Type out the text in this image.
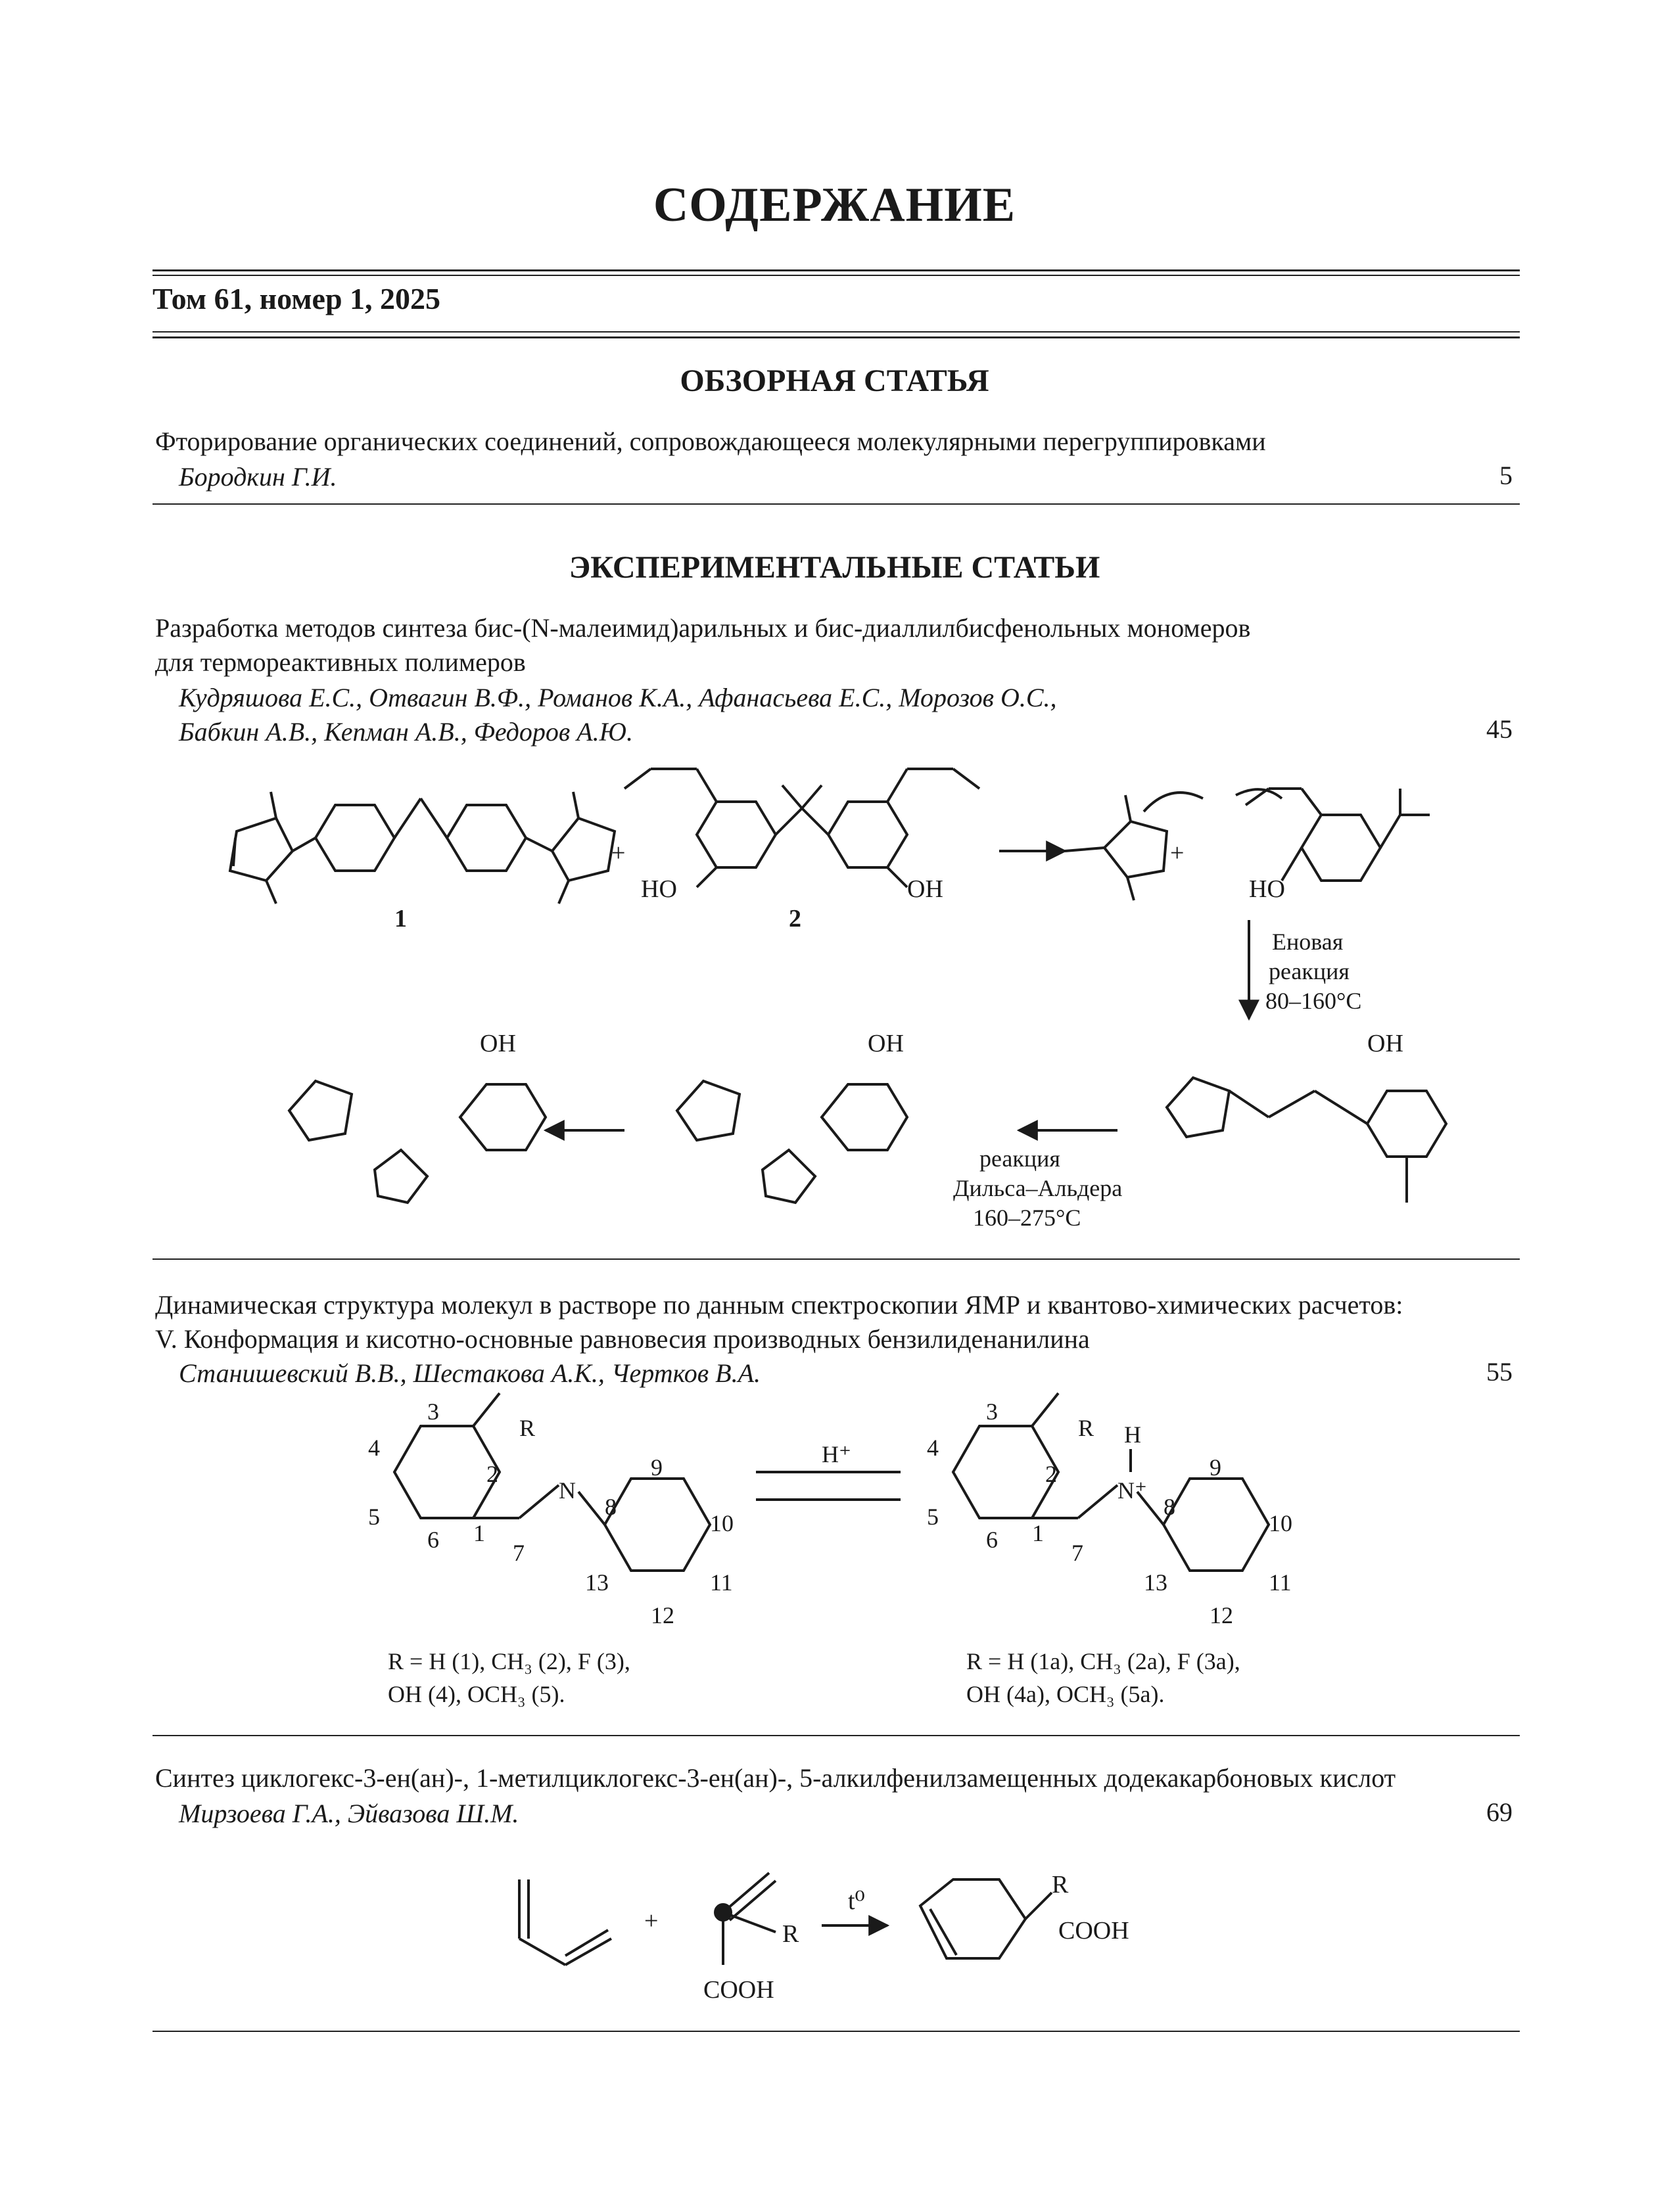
СОДЕРЖАНИЕ
Том 61, номер 1, 2025
ОБЗОРНАЯ СТАТЬЯ
Фторирование органических соединений, сопровождающееся молекулярными перегруппировками
Бородкин Г.И.	5
ЭКСПЕРИМЕНТАЛЬНЫЕ СТАТЬИ
Разработка методов синтеза бис-(N-малеимид)арильных и бис-диаллилбисфенольных мономеров
для термореактивных полимеров
Кудряшова Е.С., Отвагин В.Ф., Романов К.А., Афанасьева Е.С., Морозов О.С.,
Бабкин А.В., Кепман А.В., Федоров А.Ю.	45
1	2
+	+
HO	OH	HO
Еновая
реакция
80–160°C
реакция
Дильса–Альдера
160–275°C
OH
OH
OH
Динамическая структура молекул в растворе по данным спектроскопии ЯМР и квантово-химических расчетов:
V. Конформация и кисотно-основные равновесия производных бензилиденанилина
Станишевский В.В., Шестакова А.К., Чертков В.А.	55
3
R
2
4
5
6 1
7
N
8
9
10
11
12
13
H⁺
3
R
2
4
5
6 1
7
N⁺
H
8
9
10
11
12
13
R = H (1), CH₃ (2), F (3),
OH (4), OCH₃ (5).
R = H (1a), CH₃ (2a), F (3a),
OH (4a), OCH₃ (5a).
Синтез циклогекс-3-ен(ан)-, 1-метилциклогекс-3-ен(ан)-, 5-алкилфенилзамещенных додекакарбоновых кислот
Мирзоева Г.А., Эйвазова Ш.М.	69
+	R
COOH
t⁰
R
COOH
